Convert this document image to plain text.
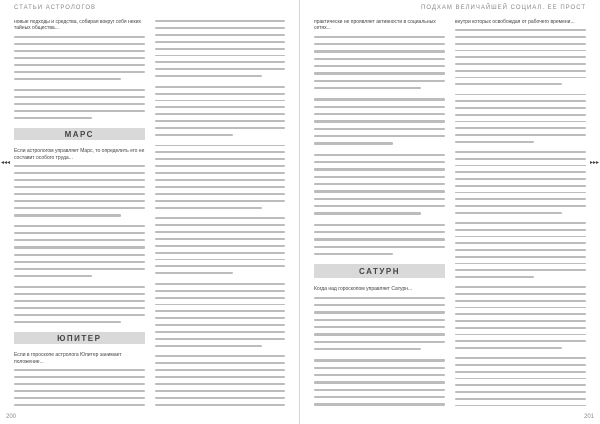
СТАТЬИ АСТРОЛОГОВ
◂◂◂
200
новые подходы и средства, собирая вокруг себя неких тайных общества...
МАРС
Если астрологом управляет Марс, то определить его не составит особого труда...
ЮПИТЕР
Если в гороскопе астролога Юпитер занимает положение...
ПОДХАМ ВЕЛИЧАЙШЕЙ СОЦИАЛ. ЕЕ ПРОСТ
▸▸▸
201
практически не проявляет активности в социальных сетях...
САТУРН
Когда над гороскопом управляет Сатурн...
внутри которых освобождая от рабочего времени...
